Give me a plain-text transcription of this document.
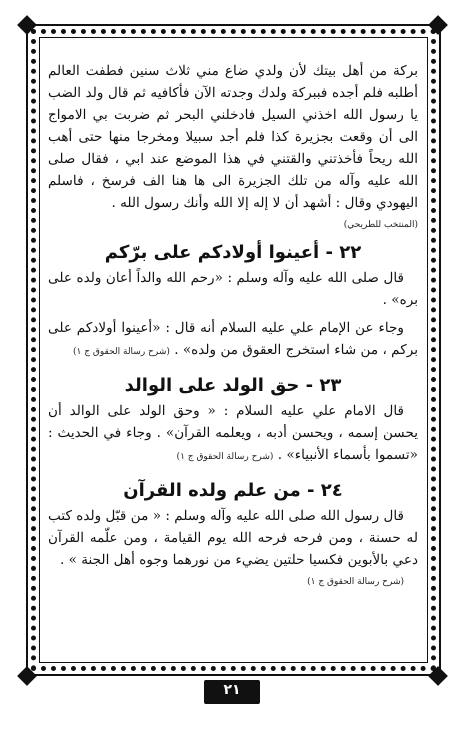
بركة من أهل بيتك لأن ولدي ضاع مني ثلاث سنين فطفت العالم أطلبه فلم أجده فببركة ولدك وجدته الآن فأكافيه ثم قال ولد الضب يا رسول الله اخذني السيل فادخلني البحر ثم ضربت بي الامواج الى أن وقعت بجزيرة كذا فلم أجد سبيلا ومخرجا منها حتى أهب الله ريحاً فأخذتني والقتني في هذا الموضع عند ابي ، فقال صلى الله عليه وآله من تلك الجزيرة الى ها هنا الف فرسخ ، فاسلم اليهودي وقال : أشهد أن لا إله إلا الله وأنك رسول الله .
(المنتخب للطريحي)

٢٢ - أعينوا أولادكم على برّكم

قال صلى الله عليه وآله وسلم : «رحم الله والداً أعان ولده على بره» .

وجاء عن الإمام علي عليه السلام أنه قال : «أعينوا أولادكم على بركم ، من شاء استخرج العقوق من ولده» . (شرح رسالة الحقوق ج ١)

٢٣ - حق الولد على الوالد

قال الامام علي عليه السلام : « وحق الولد على الوالد أن يحسن إسمه ، ويحسن أدبه ، ويعلمه القرآن» . وجاء في الحديث : «تسموا بأسماء الأنبياء» . (شرح رسالة الحقوق ج ١)

٢٤ - من علم ولده القرآن

قال رسول الله صلى الله عليه وآله وسلم : « من قبّل ولده كتب له حسنة ، ومن فرحه فرحه الله يوم القيامة ، ومن علّمه القرآن دعي بالأبوين فكسيا حلتين يضيء من نورهما وجوه أهل الجنة » .
(شرح رسالة الحقوق ج ١)

٢١
